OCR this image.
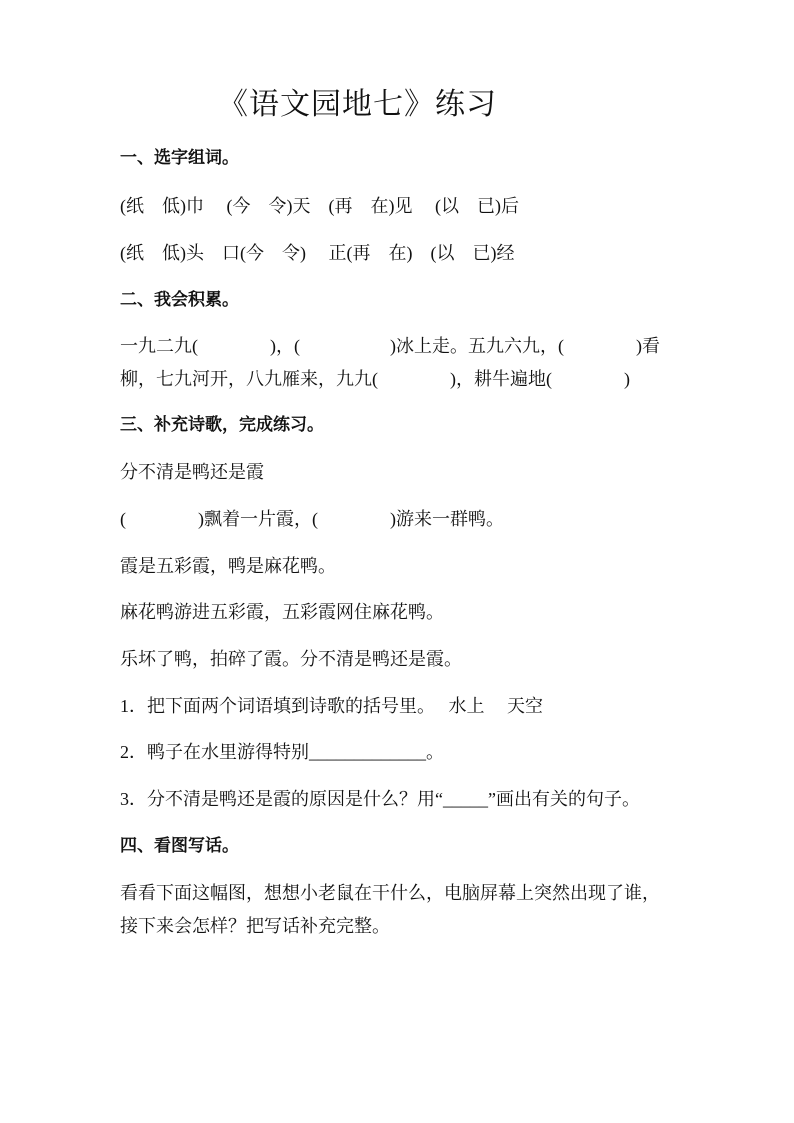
《语文园地七》练习
一、选字组词。
(纸　低)巾　 (今　令)天　(再　在)见　 (以　已)后
(纸　低)头　口(今　令)　 正(再　在)　(以　已)经
二、我会积累。
一九二九(　　　　)，(　　　　　)冰上走。五九六九，(　　　　)看
柳，七九河开，八九雁来，九九(　　　　)，耕牛遍地(　　　　)
三、补充诗歌，完成练习。
分不清是鸭还是霞
(　　　　)飘着一片霞，(　　　　)游来一群鸭。
霞是五彩霞，鸭是麻花鸭。
麻花鸭游进五彩霞，五彩霞网住麻花鸭。
乐坏了鸭，拍碎了霞。分不清是鸭还是霞。
1．把下面两个词语填到诗歌的括号里。　 水上　 天空
2．鸭子在水里游得特别_____________。
3．分不清是鸭还是霞的原因是什么？用“_____”画出有关的句子。
四、看图写话。
看看下面这幅图，想想小老鼠在干什么，电脑屏幕上突然出现了谁，
接下来会怎样？把写话补充完整。
